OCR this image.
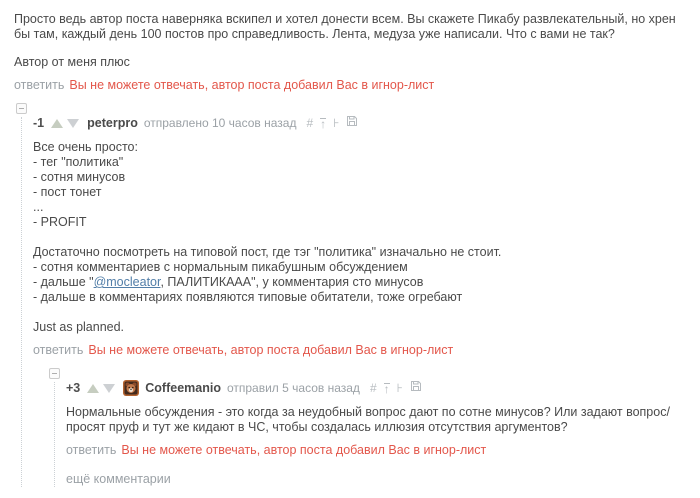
Просто ведь автор поста наверняка вскипел и хотел донести всем. Вы скажете Пикабу развлекательный, но хрен бы там, каждый день 100 постов про справедливость. Лента, медуза уже написали. Что с вами не так?

Автор от меня плюс

ответить Вы не можете отвечать, автор поста добавил Вас в игнор-лист
-1	peterpro отправлено 10 часов назад # ↑ ⊦
Все очень просто:
- тег "политика"
- сотня минусов
- пост тонет
...
- PROFIT
Достаточно посмотреть на типовой пост, где тэг "политика" изначально не стоит.
- сотня комментариев с нормальным пикабушным обсуждением
- дальше "@mocleator, ПАЛИТИКААА", у комментария сто минусов
- дальше в комментариях появляются типовые обитатели, тоже огребают
Just as planned.
ответить Вы не можете отвечать, автор поста добавил Вас в игнор-лист
+3	Coffeemanio отправил 5 часов назад # ↑ ⊦
Нормальные обсуждения - это когда за неудобный вопрос дают по сотне минусов? Или задают вопрос/просят пруф и тут же кидают в ЧС, чтобы создалась иллюзия отсутствия аргументов?
ответить Вы не можете отвечать, автор поста добавил Вас в игнор-лист
ещё комментарии
